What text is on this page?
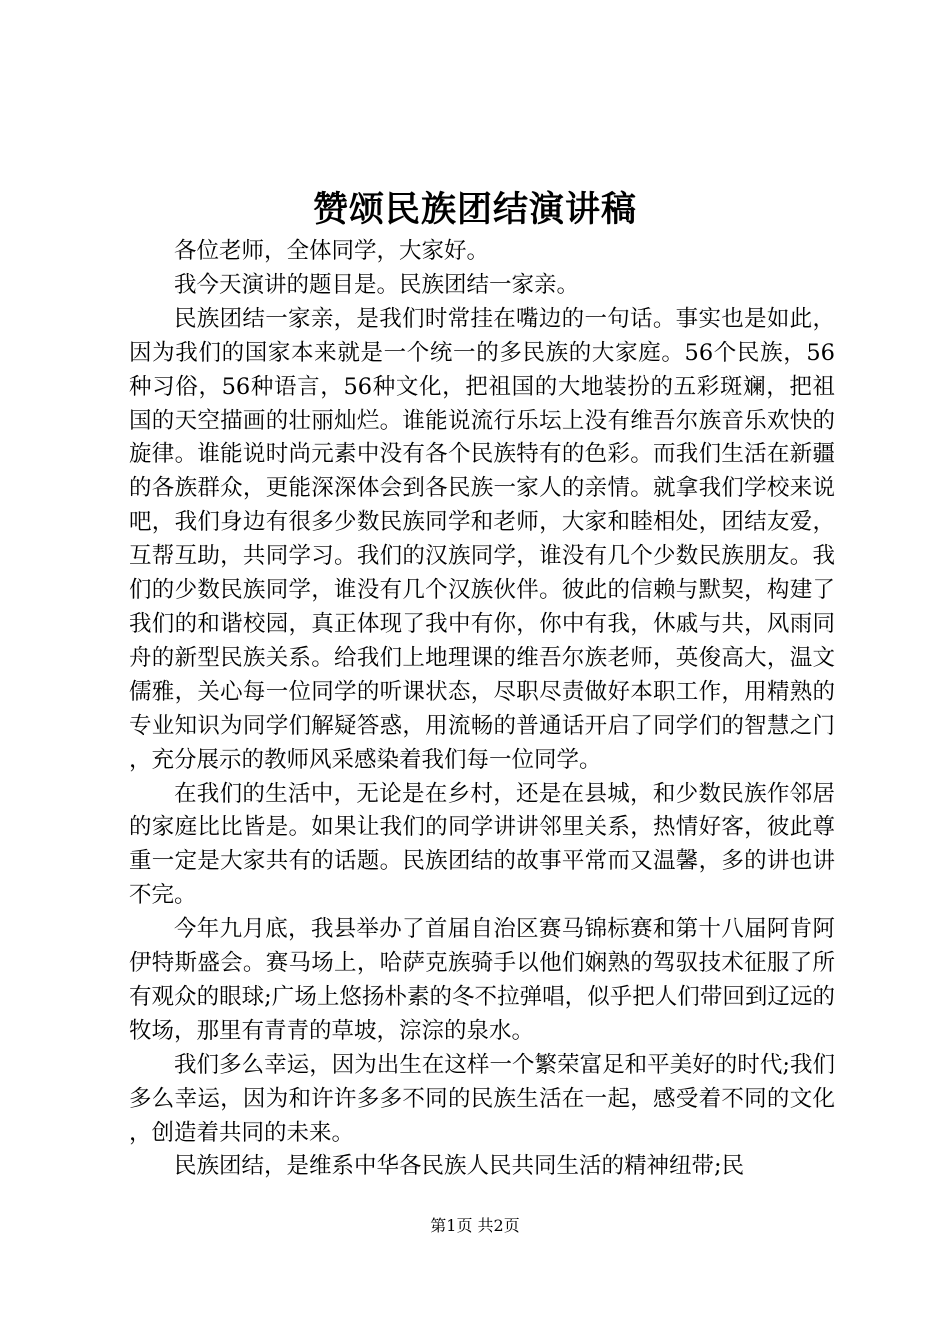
赞颂民族团结演讲稿

各位老师，全体同学，大家好。

我今天演讲的题目是。民族团结一家亲。

民族团结一家亲，是我们时常挂在嘴边的一句话。事实也是如此，因为我们的国家本来就是一个统一的多民族的大家庭。56个民族，56种习俗，56种语言，56种文化，把祖国的大地装扮的五彩斑斓，把祖国的天空描画的壮丽灿烂。谁能说流行乐坛上没有维吾尔族音乐欢快的旋律。谁能说时尚元素中没有各个民族特有的色彩。而我们生活在新疆的各族群众，更能深深体会到各民族一家人的亲情。就拿我们学校来说吧，我们身边有很多少数民族同学和老师，大家和睦相处，团结友爱，互帮互助，共同学习。我们的汉族同学，谁没有几个少数民族朋友。我们的少数民族同学，谁没有几个汉族伙伴。彼此的信赖与默契，构建了我们的和谐校园，真正体现了我中有你，你中有我，休戚与共，风雨同舟的新型民族关系。给我们上地理课的维吾尔族老师，英俊高大，温文儒雅，关心每一位同学的听课状态，尽职尽责做好本职工作，用精熟的专业知识为同学们解疑答惑，用流畅的普通话开启了同学们的智慧之门，充分展示的教师风采感染着我们每一位同学。

在我们的生活中，无论是在乡村，还是在县城，和少数民族作邻居的家庭比比皆是。如果让我们的同学讲讲邻里关系，热情好客，彼此尊重一定是大家共有的话题。民族团结的故事平常而又温馨，多的讲也讲不完。

今年九月底，我县举办了首届自治区赛马锦标赛和第十八届阿肯阿伊特斯盛会。赛马场上，哈萨克族骑手以他们娴熟的驾驭技术征服了所有观众的眼球;广场上悠扬朴素的冬不拉弹唱，似乎把人们带回到辽远的牧场，那里有青青的草坡，淙淙的泉水。

我们多么幸运，因为出生在这样一个繁荣富足和平美好的时代;我们多么幸运，因为和许许多多不同的民族生活在一起，感受着不同的文化，创造着共同的未来。

民族团结，是维系中华各民族人民共同生活的精神纽带;民

第1页 共2页
